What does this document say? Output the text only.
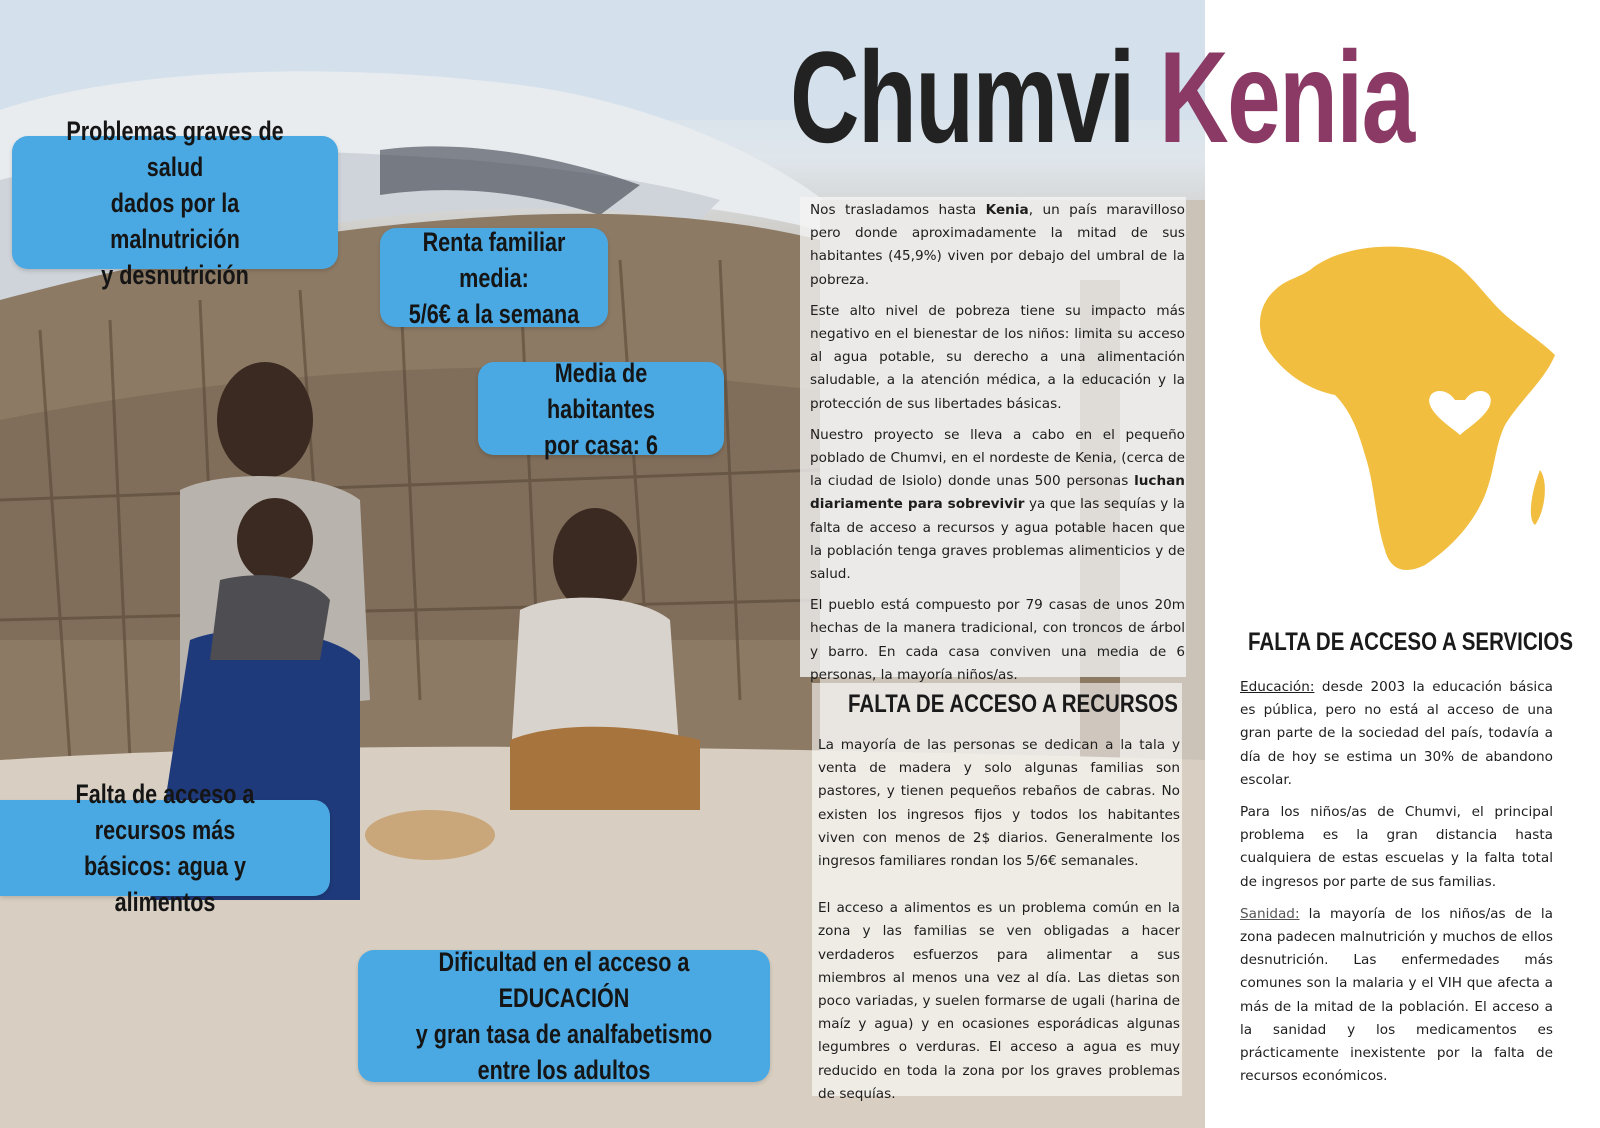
Chumvi Kenia

Nos trasladamos hasta Kenia, un país maravilloso pero donde aproximadamente la mitad de sus habitantes (45,9%) viven por debajo del umbral de la pobreza.

Este alto nivel de pobreza tiene su impacto más negativo en el bienestar de los niños: limita su acceso al agua potable, su derecho a una alimentación saludable, a la atención médica, a la educación y la protección de sus libertades básicas.

Nuestro proyecto se lleva a cabo en el pequeño poblado de Chumvi, en el nordeste de Kenia, (cerca de la ciudad de Isiolo) donde unas 500 personas luchan diariamente para sobrevivir ya que las sequías y la falta de acceso a recursos y agua potable hacen que la población tenga graves problemas alimenticios y de salud.

El pueblo está compuesto por 79 casas de unos 20m hechas de la manera tradicional, con troncos de árbol y barro. En cada casa conviven una media de 6 personas, la mayoría niños/as.

FALTA DE ACCESO A RECURSOS

La mayoría de las personas se dedican a la tala y venta de madera y solo algunas familias son pastores, y tienen pequeños rebaños de cabras. No existen los ingresos fijos y todos los habitantes viven con menos de 2$ diarios. Generalmente los ingresos familiares rondan los 5/6€ semanales.

El acceso a alimentos es un problema común en la zona y las familias se ven obligadas a hacer verdaderos esfuerzos para alimentar a sus miembros al menos una vez al día. Las dietas son poco variadas, y suelen formarse de ugali (harina de maíz y agua) y en ocasiones esporádicas algunas legumbres o verduras. El acceso a agua es muy reducido en toda la zona por los graves problemas de sequías.

FALTA DE ACCESO A SERVICIOS

Educación: desde 2003 la educación básica es pública, pero no está al acceso de una gran parte de la sociedad del país, todavía a día de hoy se estima un 30% de abandono escolar.

Para los niños/as de Chumvi, el principal problema es la gran distancia hasta cualquiera de estas escuelas y la falta total de ingresos por parte de sus familias.

Sanidad: la mayoría de los niños/as de la zona padecen malnutrición y muchos de ellos desnutrición. Las enfermedades más comunes son la malaria y el VIH que afecta a más de la mitad de la población. El acceso a la sanidad y los medicamentos es prácticamente inexistente por la falta de recursos económicos.

Problemas graves de salud
dados por la malnutrición
y desnutrición
Renta familiar media:
5/6€ a la semana
Media de habitantes
por casa: 6
Falta de acceso a recursos más
básicos: agua y alimentos
Dificultad en el acceso a EDUCACIÓN
y gran tasa de analfabetismo
entre los adultos
